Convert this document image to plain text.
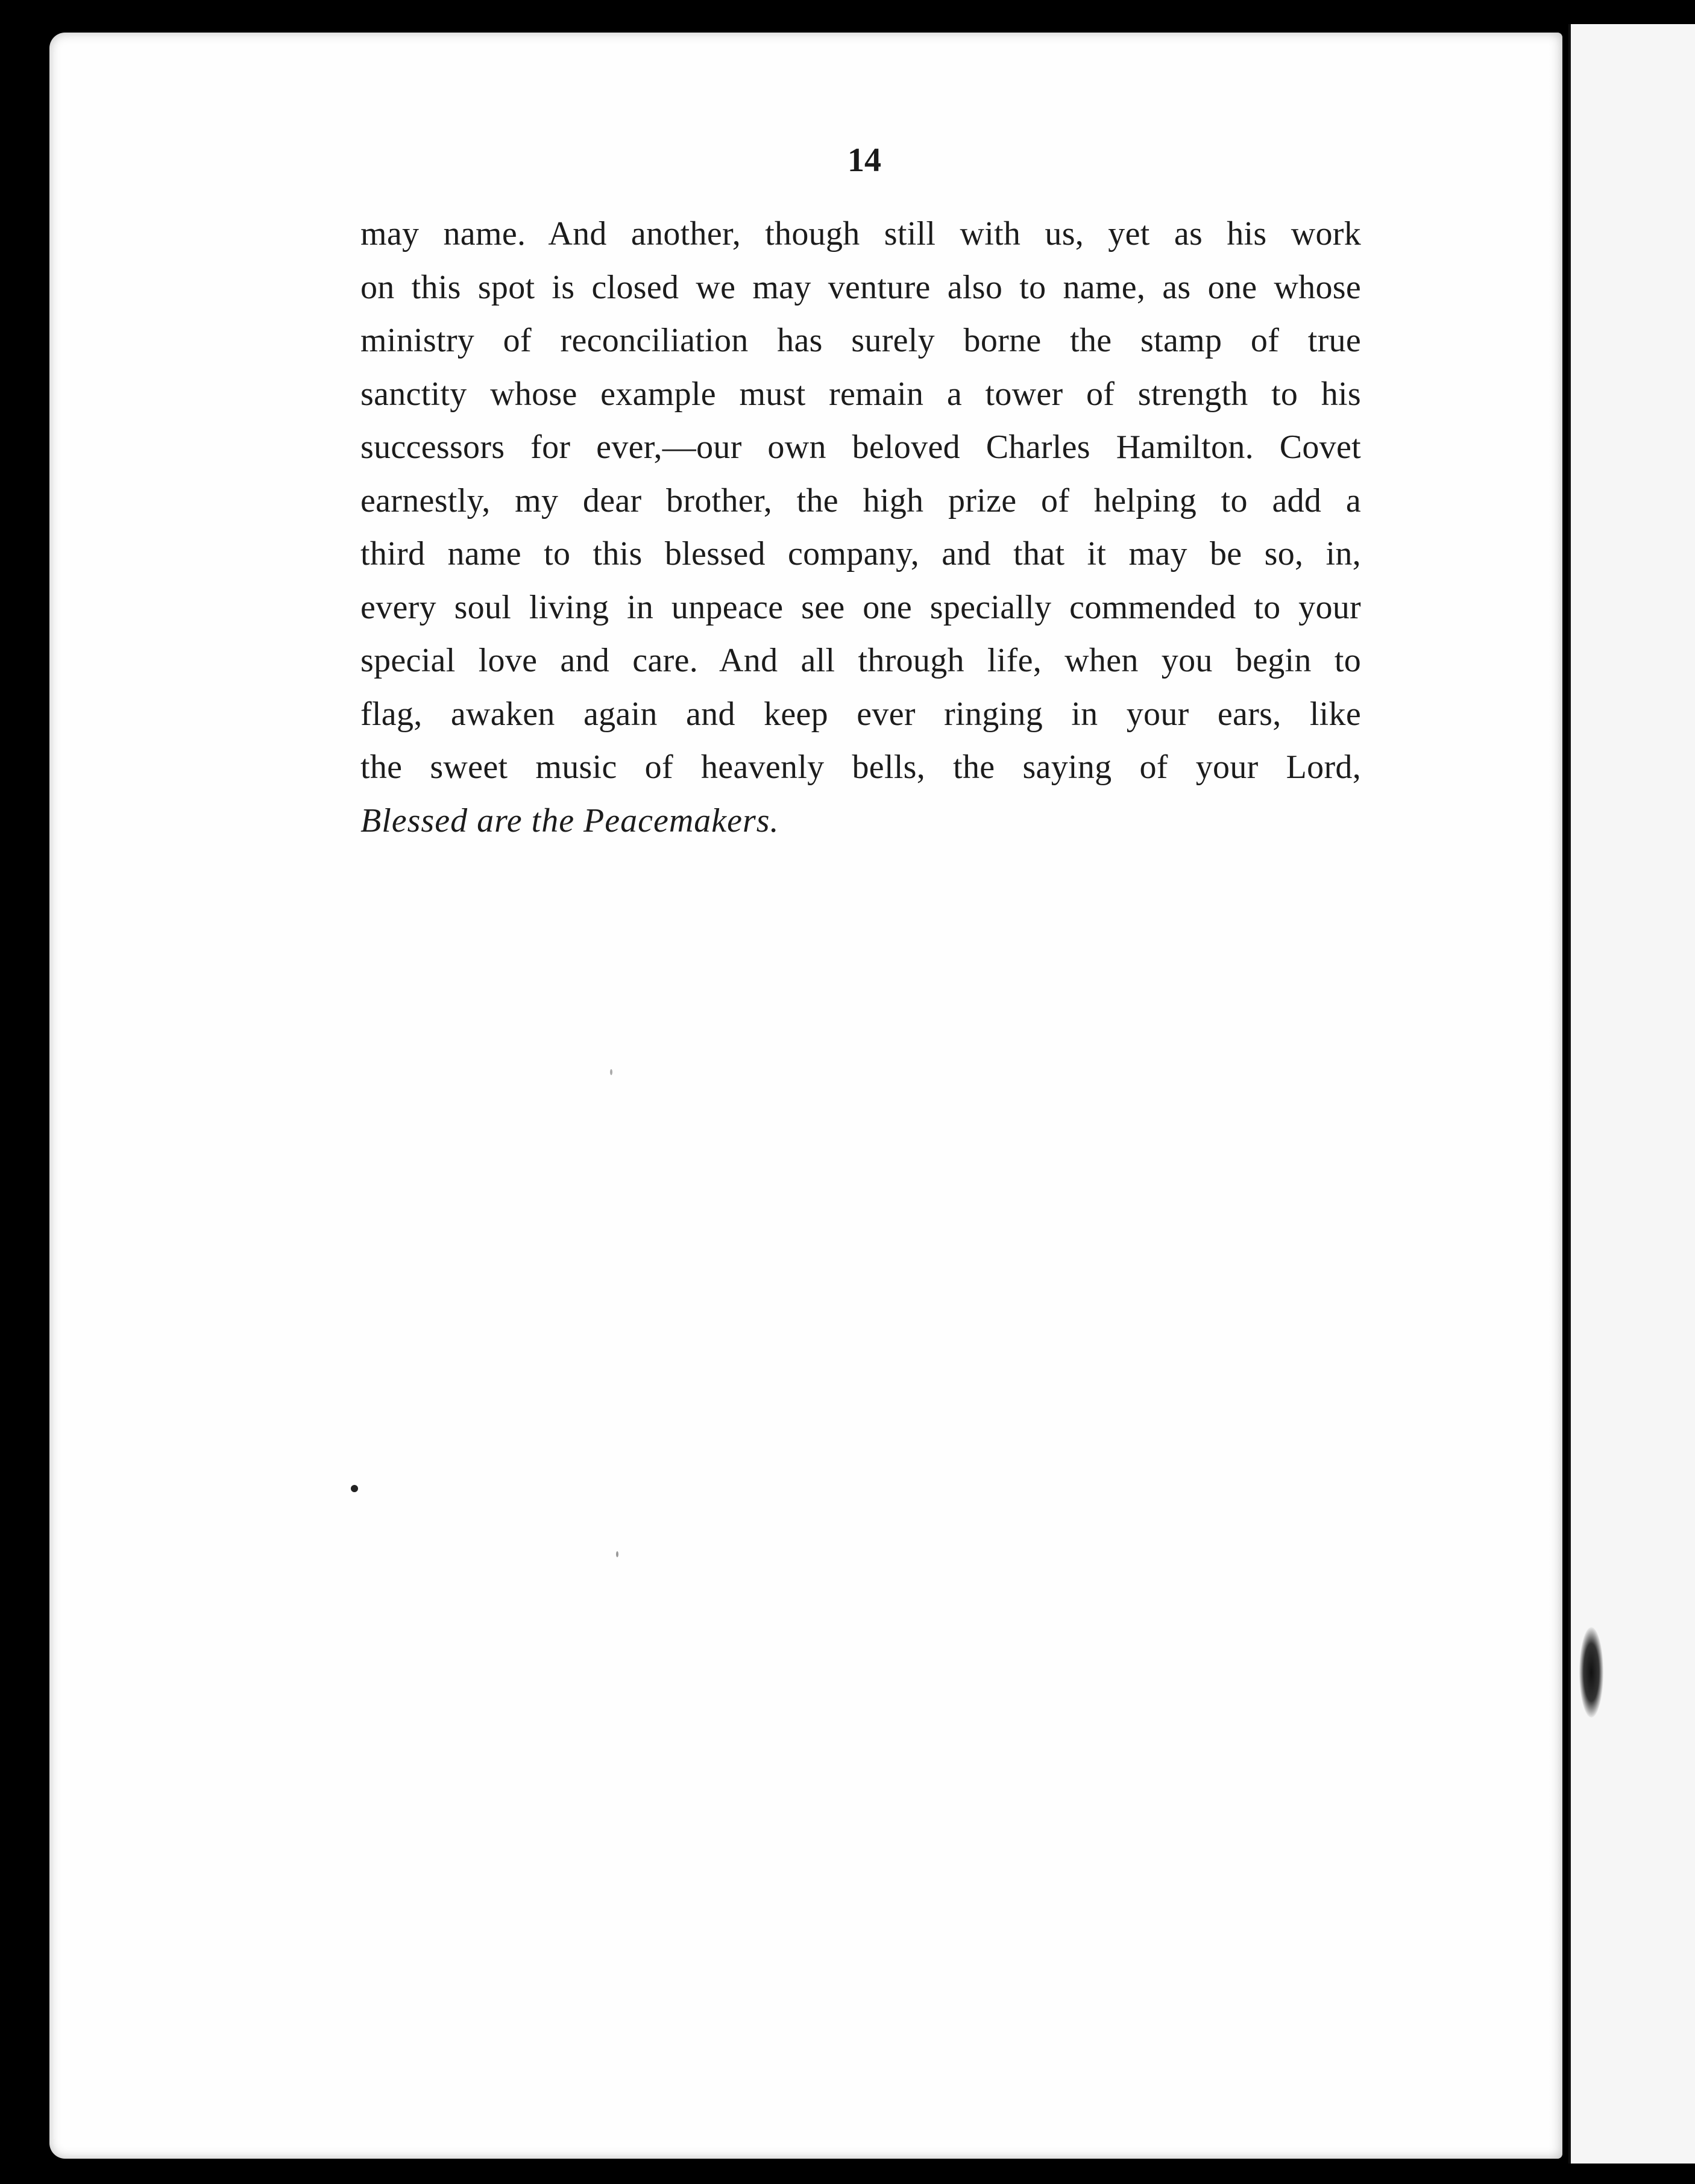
14
may name. And another, though still with us, yet as his work
on this spot is closed we may venture also to name, as one whose
ministry of reconciliation has surely borne the stamp of true
sanctity whose example must remain a tower of strength to his
successors for ever,—our own beloved Charles Hamilton. Covet
earnestly, my dear brother, the high prize of helping to add a
third name to this blessed company, and that it may be so, in,
every soul living in unpeace see one specially commended to your
special love and care. And all through life, when you begin to
flag, awaken again and keep ever ringing in your ears, like
the sweet music of heavenly bells, the saying of your Lord,
Blessed are the Peacemakers.
